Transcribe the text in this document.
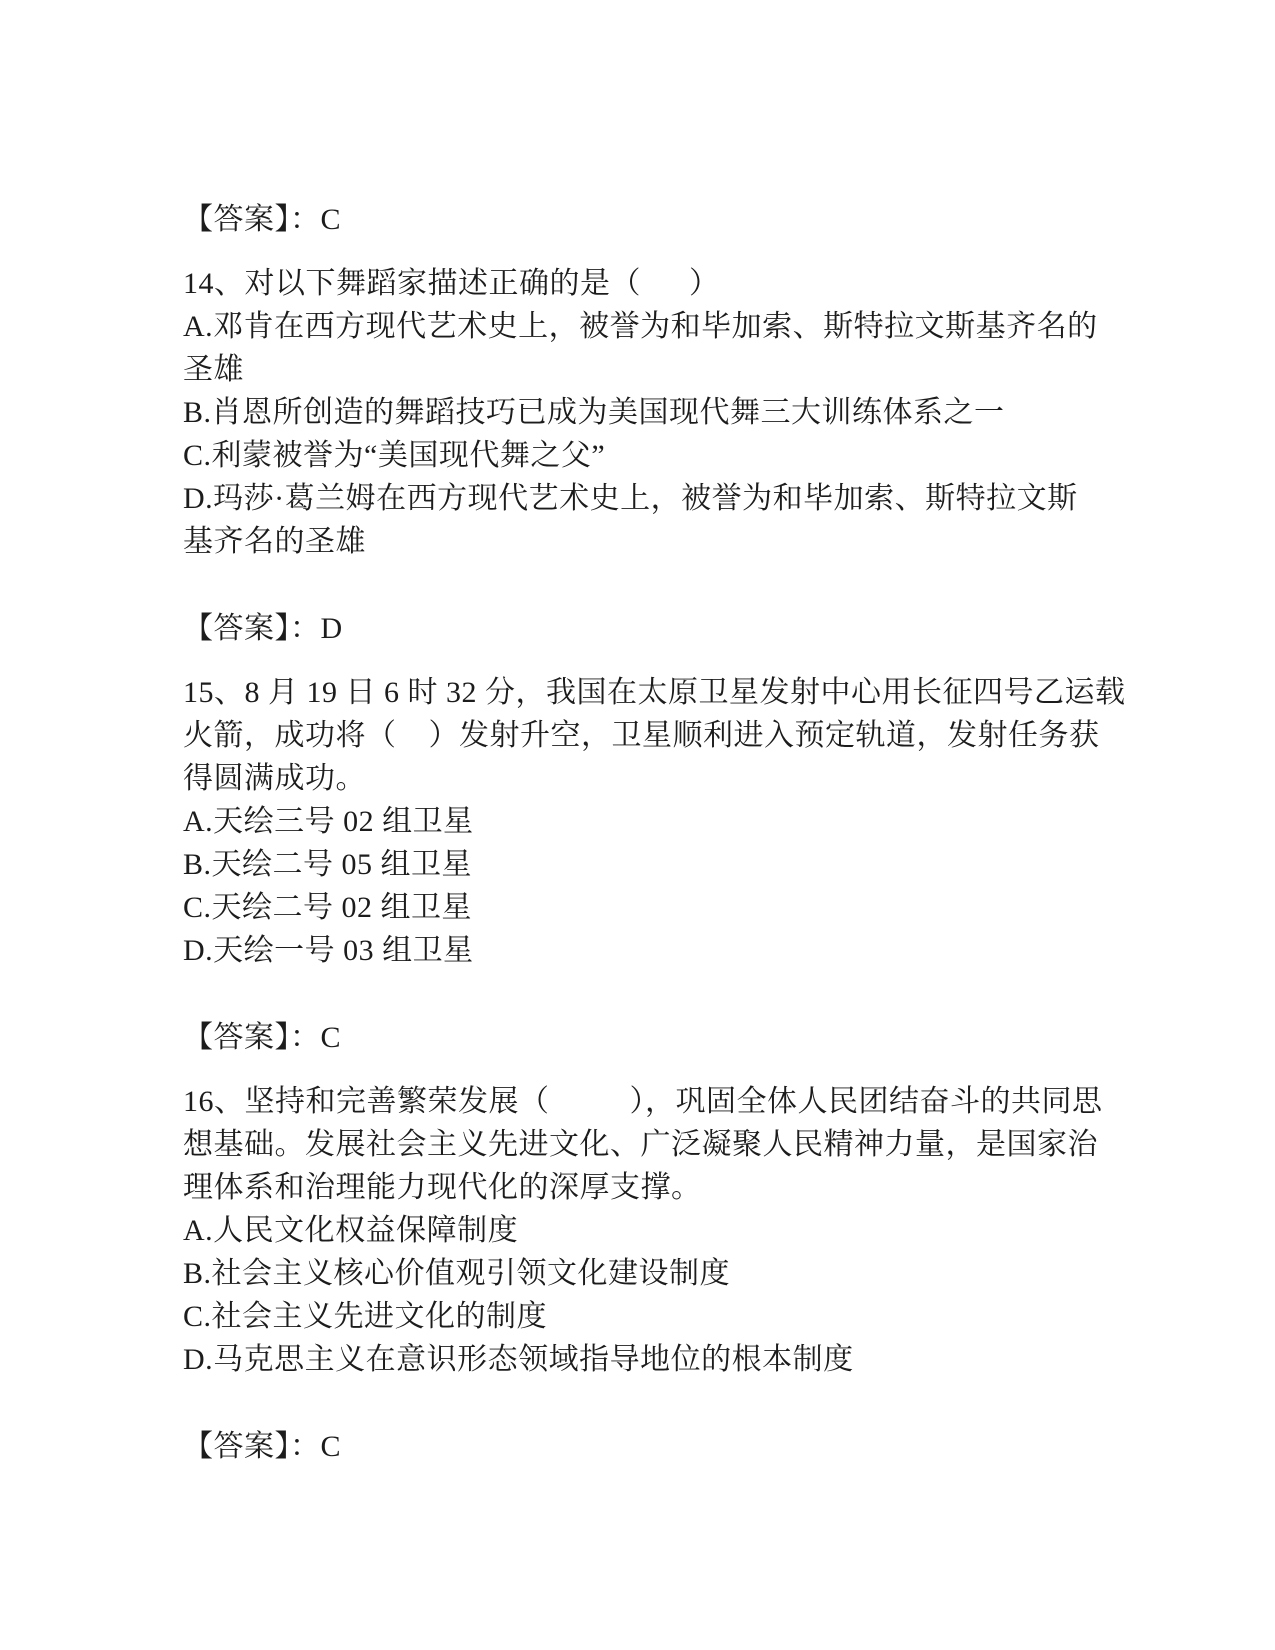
【答案】：C
14、对以下舞蹈家描述正确的是（      ）
A.邓肯在西方现代艺术史上，被誉为和毕加索、斯特拉文斯基齐名的
圣雄
B.肖恩所创造的舞蹈技巧已成为美国现代舞三大训练体系之一
C.利蒙被誉为“美国现代舞之父”
D.玛莎·葛兰姆在西方现代艺术史上，被誉为和毕加索、斯特拉文斯
基齐名的圣雄
【答案】：D
15、8 月 19 日 6 时 32 分，我国在太原卫星发射中心用长征四号乙运载
火箭，成功将（    ）发射升空，卫星顺利进入预定轨道，发射任务获
得圆满成功。
A.天绘三号 02 组卫星
B.天绘二号 05 组卫星
C.天绘二号 02 组卫星
D.天绘一号 03 组卫星
【答案】：C
16、坚持和完善繁荣发展（          ），巩固全体人民团结奋斗的共同思
想基础。发展社会主义先进文化、广泛凝聚人民精神力量，是国家治
理体系和治理能力现代化的深厚支撑。
A.人民文化权益保障制度
B.社会主义核心价值观引领文化建设制度
C.社会主义先进文化的制度
D.马克思主义在意识形态领域指导地位的根本制度
【答案】：C
